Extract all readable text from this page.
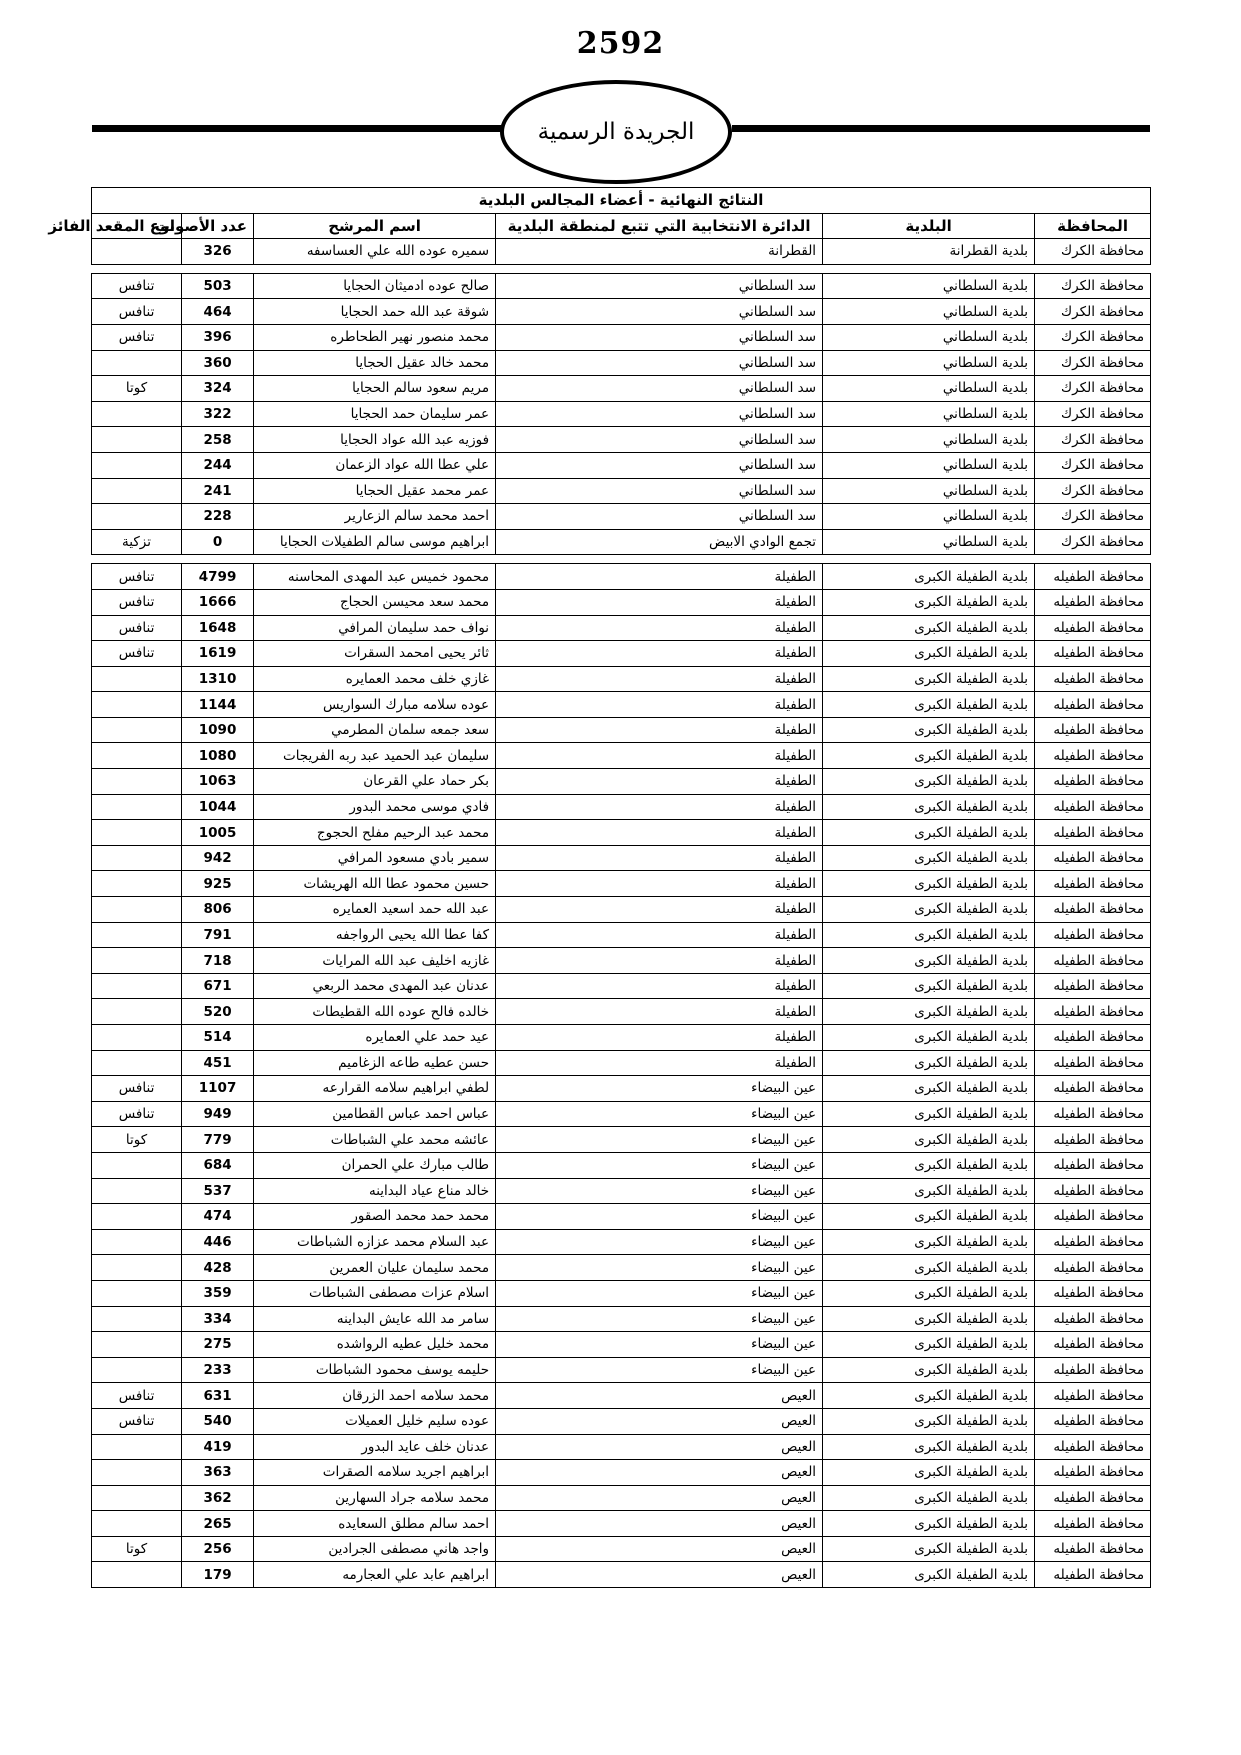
2592
الجريدة الرسمية
النتائج النهائية - أعضاء المجالس البلدية					
المحافظة	البلدية	الدائرة الانتخابية التي تتبع لمنطقة البلدية	اسم المرشح	عدد الأصوات	نوع المقعد الفائز
محافظة الكرك	بلدية القطرانة	القطرانة	سميره عوده الله علي العساسفه	326	

محافظة الكرك	بلدية السلطاني	سد السلطاني	صالح عوده ادميثان الحجايا	503	تنافس
محافظة الكرك	بلدية السلطاني	سد السلطاني	شوقة عبد الله حمد الحجايا	464	تنافس
محافظة الكرك	بلدية السلطاني	سد السلطاني	محمد منصور نهير الطحاطره	396	تنافس
محافظة الكرك	بلدية السلطاني	سد السلطاني	محمد خالد عقيل الحجايا	360	
محافظة الكرك	بلدية السلطاني	سد السلطاني	مريم سعود سالم الحجايا	324	كوتا
محافظة الكرك	بلدية السلطاني	سد السلطاني	عمر سليمان حمد الحجايا	322	
محافظة الكرك	بلدية السلطاني	سد السلطاني	فوزيه عبد الله عواد الحجايا	258	
محافظة الكرك	بلدية السلطاني	سد السلطاني	علي عطا الله عواد الزعمان	244	
محافظة الكرك	بلدية السلطاني	سد السلطاني	عمر محمد عقيل الحجايا	241	
محافظة الكرك	بلدية السلطاني	سد السلطاني	احمد محمد سالم الزعارير	228	
محافظة الكرك	بلدية السلطاني	تجمع الوادي الابيض	ابراهيم موسى سالم الطفيلات الحجايا	0	تزكية

محافظة الطفيله	بلدية الطفيلة الكبرى	الطفيلة	محمود خميس عبد المهدى المحاسنه	4799	تنافس
محافظة الطفيله	بلدية الطفيلة الكبرى	الطفيلة	محمد سعد محيسن الحجاج	1666	تنافس
محافظة الطفيله	بلدية الطفيلة الكبرى	الطفيلة	نواف حمد سليمان المرافي	1648	تنافس
محافظة الطفيله	بلدية الطفيلة الكبرى	الطفيلة	ثائر يحيى امحمد السقرات	1619	تنافس
محافظة الطفيله	بلدية الطفيلة الكبرى	الطفيلة	غازي خلف محمد العمايره	1310	
محافظة الطفيله	بلدية الطفيلة الكبرى	الطفيلة	عوده سلامه مبارك السواريس	1144	
محافظة الطفيله	بلدية الطفيلة الكبرى	الطفيلة	سعد جمعه سلمان المطرمي	1090	
محافظة الطفيله	بلدية الطفيلة الكبرى	الطفيلة	سليمان عبد الحميد عبد ربه الفريجات	1080	
محافظة الطفيله	بلدية الطفيلة الكبرى	الطفيلة	بكر حماد علي القرعان	1063	
محافظة الطفيله	بلدية الطفيلة الكبرى	الطفيلة	فادي موسى محمد البدور	1044	
محافظة الطفيله	بلدية الطفيلة الكبرى	الطفيلة	محمد عبد الرحيم مفلح الحجوج	1005	
محافظة الطفيله	بلدية الطفيلة الكبرى	الطفيلة	سمير بادي مسعود المرافي	942	
محافظة الطفيله	بلدية الطفيلة الكبرى	الطفيلة	حسين محمود عطا الله الهريشات	925	
محافظة الطفيله	بلدية الطفيلة الكبرى	الطفيلة	عبد الله حمد اسعيد العمايره	806	
محافظة الطفيله	بلدية الطفيلة الكبرى	الطفيلة	كفا عطا الله يحيى الرواجفه	791	
محافظة الطفيله	بلدية الطفيلة الكبرى	الطفيلة	غازيه اخليف عبد الله المرايات	718	
محافظة الطفيله	بلدية الطفيلة الكبرى	الطفيلة	عدنان عبد المهدى محمد الربعي	671	
محافظة الطفيله	بلدية الطفيلة الكبرى	الطفيلة	خالده فالح عوده الله القطيطات	520	
محافظة الطفيله	بلدية الطفيلة الكبرى	الطفيلة	عيد حمد علي العمايره	514	
محافظة الطفيله	بلدية الطفيلة الكبرى	الطفيلة	حسن عطيه طاعه الزغاميم	451	
محافظة الطفيله	بلدية الطفيلة الكبرى	عين البيضاء	لطفي ابراهيم سلامه القرارعه	1107	تنافس
محافظة الطفيله	بلدية الطفيلة الكبرى	عين البيضاء	عباس احمد عباس القطامين	949	تنافس
محافظة الطفيله	بلدية الطفيلة الكبرى	عين البيضاء	عائشه محمد علي الشباطات	779	كوتا
محافظة الطفيله	بلدية الطفيلة الكبرى	عين البيضاء	طالب مبارك علي الحمران	684	
محافظة الطفيله	بلدية الطفيلة الكبرى	عين البيضاء	خالد مناع عياد البداينه	537	
محافظة الطفيله	بلدية الطفيلة الكبرى	عين البيضاء	محمد حمد محمد الصقور	474	
محافظة الطفيله	بلدية الطفيلة الكبرى	عين البيضاء	عبد السلام محمد عزازه الشباطات	446	
محافظة الطفيله	بلدية الطفيلة الكبرى	عين البيضاء	محمد سليمان عليان العمرين	428	
محافظة الطفيله	بلدية الطفيلة الكبرى	عين البيضاء	اسلام عزات مصطفى الشباطات	359	
محافظة الطفيله	بلدية الطفيلة الكبرى	عين البيضاء	سامر مد الله عايش البداينه	334	
محافظة الطفيله	بلدية الطفيلة الكبرى	عين البيضاء	محمد خليل عطيه الرواشده	275	
محافظة الطفيله	بلدية الطفيلة الكبرى	عين البيضاء	حليمه يوسف محمود الشباطات	233	
محافظة الطفيله	بلدية الطفيلة الكبرى	العيص	محمد سلامه احمد الزرقان	631	تنافس
محافظة الطفيله	بلدية الطفيلة الكبرى	العيص	عوده سليم خليل العميلات	540	تنافس
محافظة الطفيله	بلدية الطفيلة الكبرى	العيص	عدنان خلف عايد البدور	419	
محافظة الطفيله	بلدية الطفيلة الكبرى	العيص	ابراهيم اجريد سلامه الصقرات	363	
محافظة الطفيله	بلدية الطفيلة الكبرى	العيص	محمد سلامه جراد السهارين	362	
محافظة الطفيله	بلدية الطفيلة الكبرى	العيص	احمد سالم مطلق السعايده	265	
محافظة الطفيله	بلدية الطفيلة الكبرى	العيص	واجد هاني مصطفى الجرادين	256	كوتا
محافظة الطفيله	بلدية الطفيلة الكبرى	العيص	ابراهيم عابد علي العجارمه	179	
